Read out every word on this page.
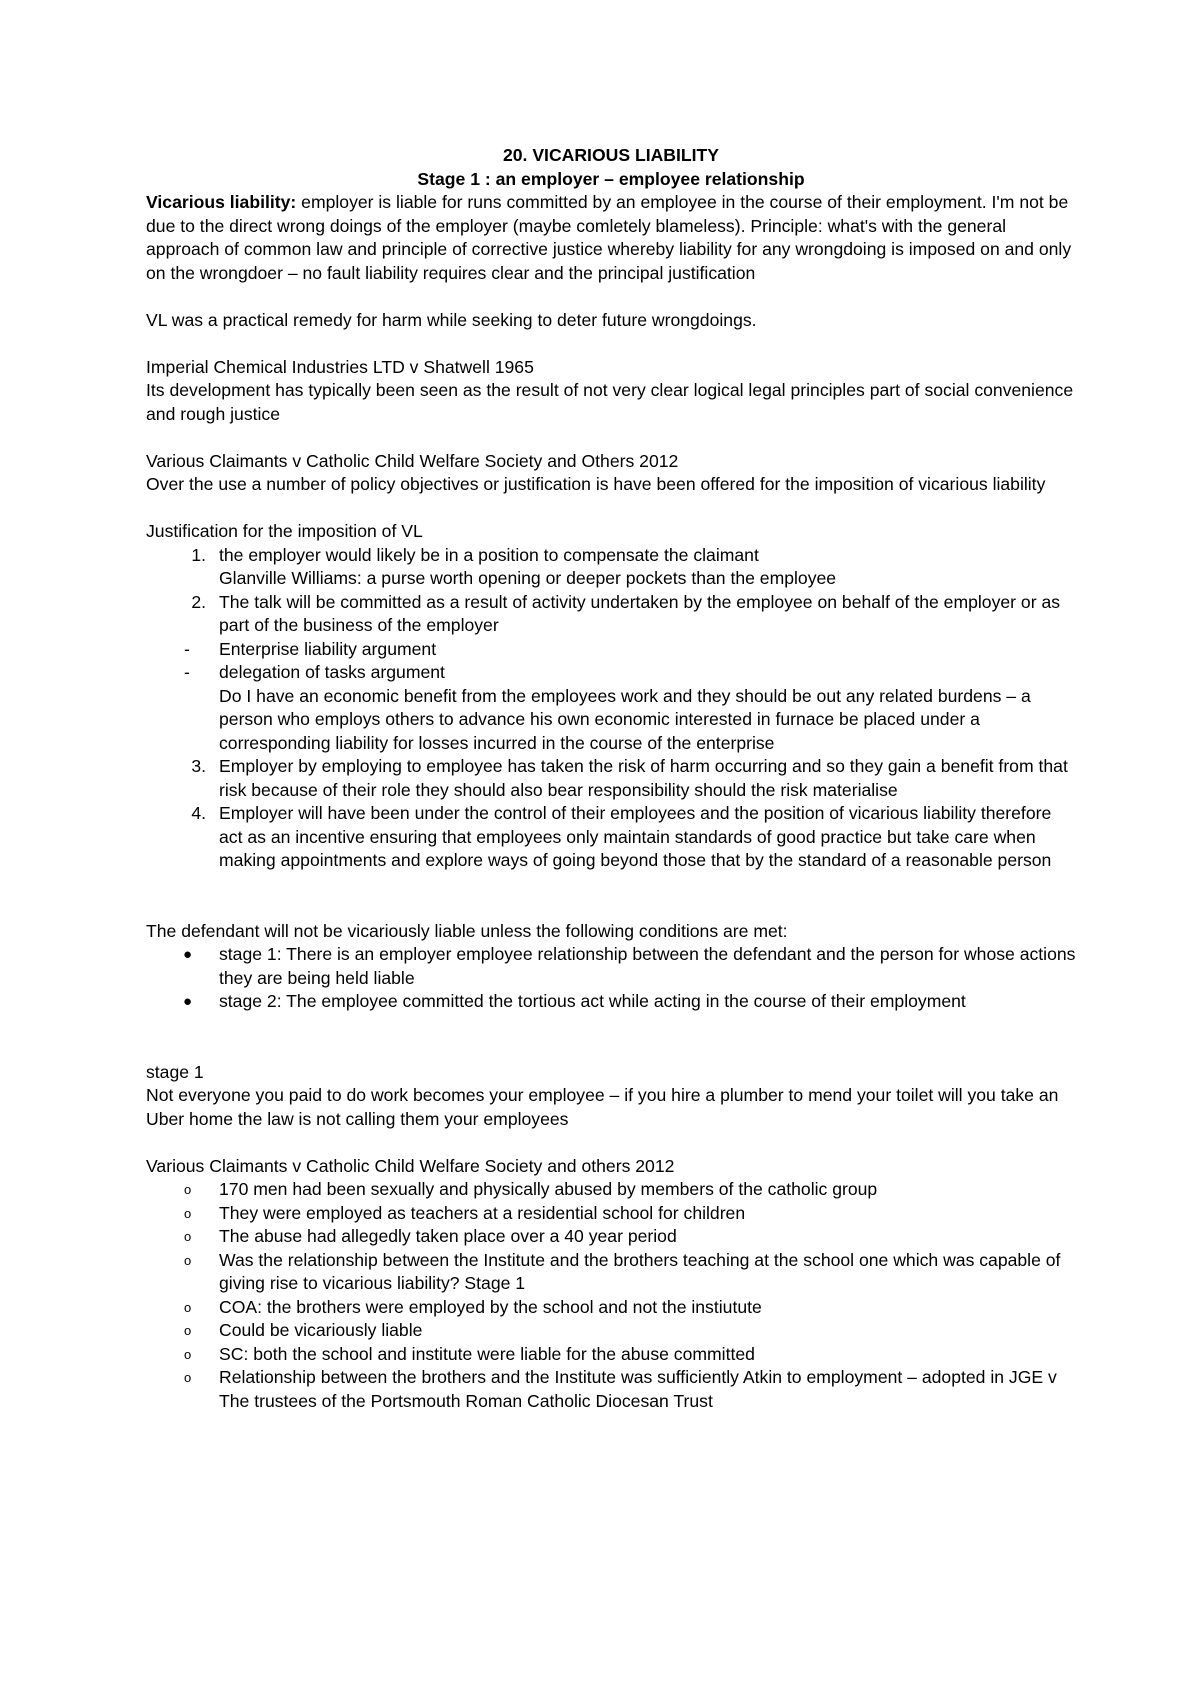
20. VICARIOUS LIABILITY

Stage 1 : an employer – employee relationship

Vicarious liability: employer is liable for runs committed by an employee in the course of their employment. I'm not be due to the direct wrong doings of the employer (maybe comletely blameless). Principle: what's with the general approach of common law and principle of corrective justice whereby liability for any wrongdoing is imposed on and only on the wrongdoer – no fault liability requires clear and the principal justification

VL was a practical remedy for harm while seeking to deter future wrongdoings.

Imperial Chemical Industries LTD v Shatwell 1965

Its development has typically been seen as the result of not very clear logical legal principles part of social convenience and rough justice

Various Claimants v Catholic Child Welfare Society and Others 2012

Over the use a number of policy objectives or justification is have been offered for the imposition of vicarious liability

Justification for the imposition of VL

1. the employer would likely be in a position to compensate the claimant
Glanville Williams: a purse worth opening or deeper pockets than the employee
2. The talk will be committed as a result of activity undertaken by the employee on behalf of the employer or as part of the business of the employer
-	Enterprise liability argument
-	delegation of tasks argument
Do I have an economic benefit from the employees work and they should be out any related burdens – a person who employs others to advance his own economic interested in furnace be placed under a corresponding liability for losses incurred in the course of the enterprise
3. Employer by employing to employee has taken the risk of harm occurring and so they gain a benefit from that risk because of their role they should also bear responsibility should the risk materialise
4. Employer will have been under the control of their employees and the position of vicarious liability therefore act as an incentive ensuring that employees only maintain standards of good practice but take care when making appointments and explore ways of going beyond those that by the standard of a reasonable person

The defendant will not be vicariously liable unless the following conditions are met:

●	stage 1: There is an employer employee relationship between the defendant and the person for whose actions they are being held liable
●	stage 2: The employee committed the tortious act while acting in the course of their employment

stage 1

Not everyone you paid to do work becomes your employee – if you hire a plumber to mend your toilet will you take an Uber home the law is not calling them your employees

Various Claimants v Catholic Child Welfare Society and others 2012

o	170 men had been sexually and physically abused by members of the catholic group
o	They were employed as teachers at a residential school for children
o	The abuse had allegedly taken place over a 40 year period
o	Was the relationship between the Institute and the brothers teaching at the school one which was capable of giving rise to vicarious liability? Stage 1
o	COA: the brothers were employed by the school and not the instiutute
o	Could be vicariously liable
o	SC: both the school and institute were liable for the abuse committed
o	Relationship between the brothers and the Institute was sufficiently Atkin to employment – adopted in JGE v The trustees of the Portsmouth Roman Catholic Diocesan Trust
